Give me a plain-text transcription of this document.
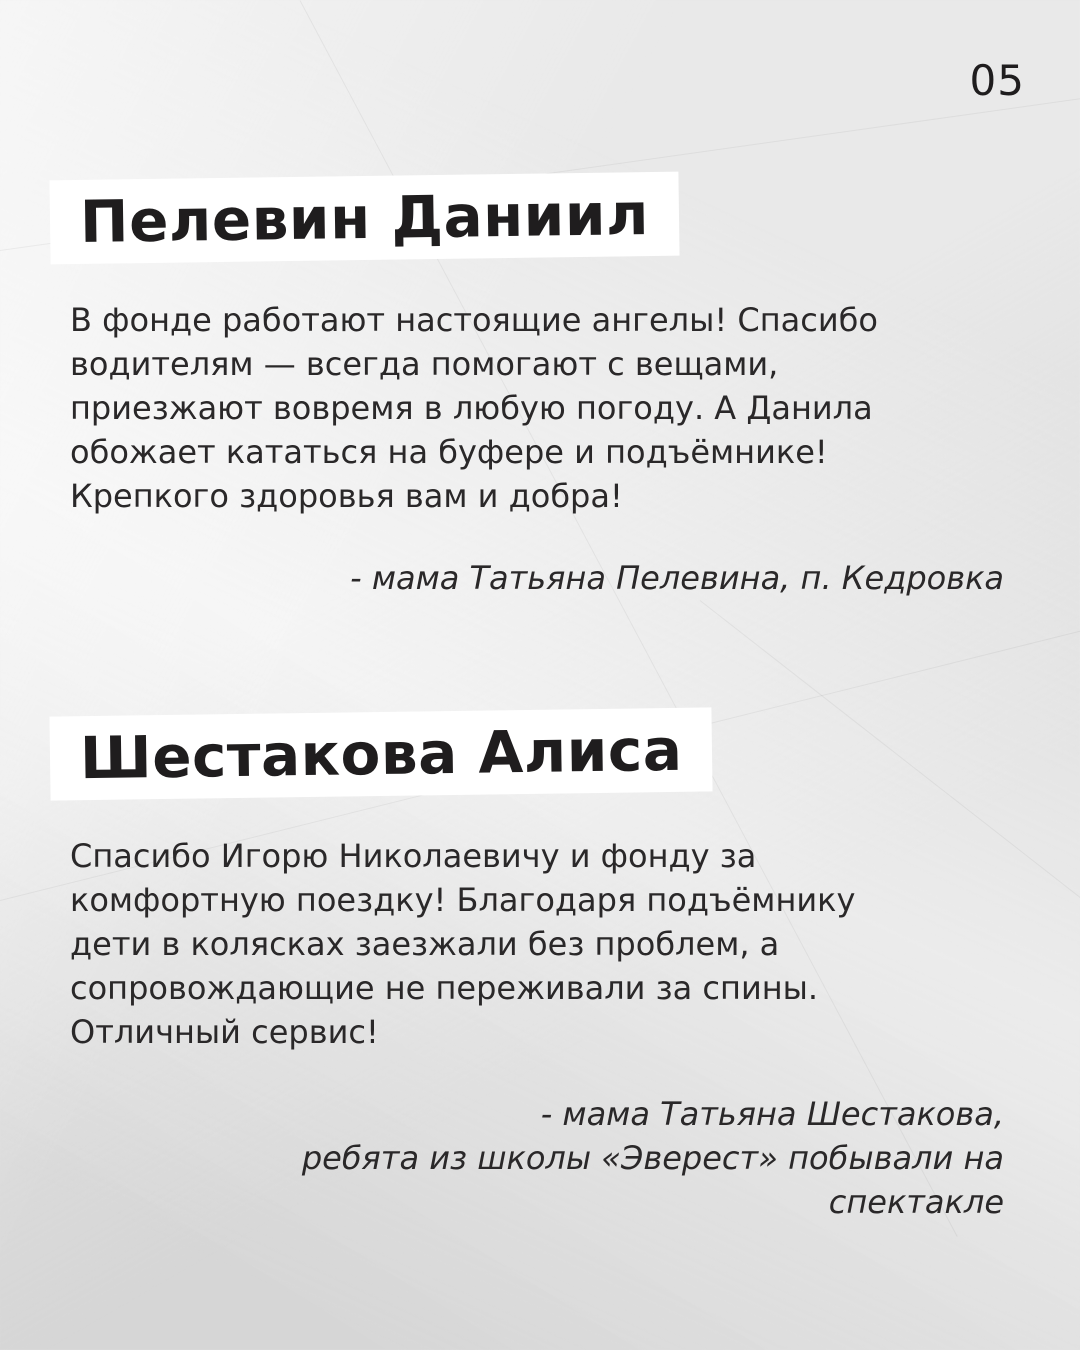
05
Пелевин Даниил
В фонде работают настоящие ангелы! Спасибо
водителям — всегда помогают с вещами,
приезжают вовремя в любую погоду. А Данила
обожает кататься на буфере и подъёмнике!
Крепкого здоровья вам и добра!
- мама Татьяна Пелевина, п. Кедровка
Шестакова Алиса
Спасибо Игорю Николаевичу и фонду за
комфортную поездку! Благодаря подъёмнику
дети в колясках заезжали без проблем, а
сопровождающие не переживали за спины.
Отличный сервис!
- мама Татьяна Шестакова,
ребята из школы «Эверест» побывали на
спектакле
